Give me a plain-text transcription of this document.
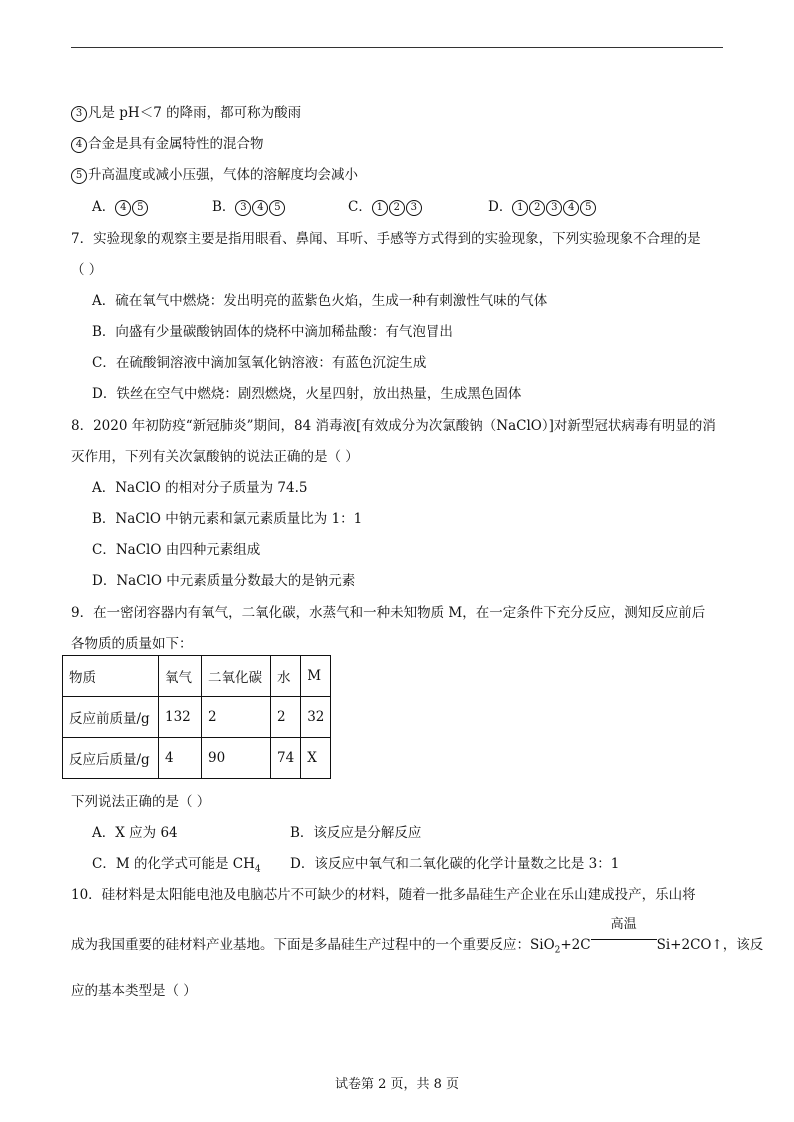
3 凡是 pH＜7 的降雨，都可称为酸雨
4 合金是具有金属特性的混合物
5 升高温度或减小压强，气体的溶解度均会减小
A． 4 5	B． 3 4 5	C． 1 2 3	D． 1 2 3 4 5
7．实验现象的观察主要是指用眼看、鼻闻、耳听、手感等方式得到的实验现象，下列实验现象不合理的是
（ ）
A．硫在氧气中燃烧：发出明亮的蓝紫色火焰，生成一种有刺激性气味的气体
B．向盛有少量碳酸钠固体的烧杯中滴加稀盐酸：有气泡冒出
C．在硫酸铜溶液中滴加氢氧化钠溶液：有蓝色沉淀生成
D．铁丝在空气中燃烧：剧烈燃烧，火星四射，放出热量，生成黑色固体
8．2020 年初防疫“新冠肺炎”期间，84 消毒液[有效成分为次氯酸钠（NaClO）]对新型冠状病毒有明显的消
灭作用，下列有关次氯酸钠的说法正确的是（ ）
A．NaClO 的相对分子质量为 74.5
B．NaClO 中钠元素和氯元素质量比为 1：1
C．NaClO 由四种元素组成
D．NaClO 中元素质量分数最大的是钠元素
9．在一密闭容器内有氧气，二氧化碳，水蒸气和一种未知物质 M，在一定条件下充分反应，测知反应前后
各物质的质量如下：
物质	氧气	二氧化碳	水	M
反应前质量/g	132	2	2	32
反应后质量/g	4	90	74	X
下列说法正确的是（ ）
A．X 应为 64	B．该反应是分解反应
C．M 的化学式可能是 $CH_4$ D．该反应中氧气和二氧化碳的化学计量数之比是 3：1
10．硅材料是太阳能电池及电脑芯片不可缺少的材料，随着一批多晶硅生产企业在乐山建成投产，乐山将
成为我国重要的硅材料产业基地。下面是多晶硅生产过程中的一个重要反应：SiO$_2$+2C
高温
Si+2CO↑，该反
应的基本类型是（ ）
试卷第 2 页，共 8 页
